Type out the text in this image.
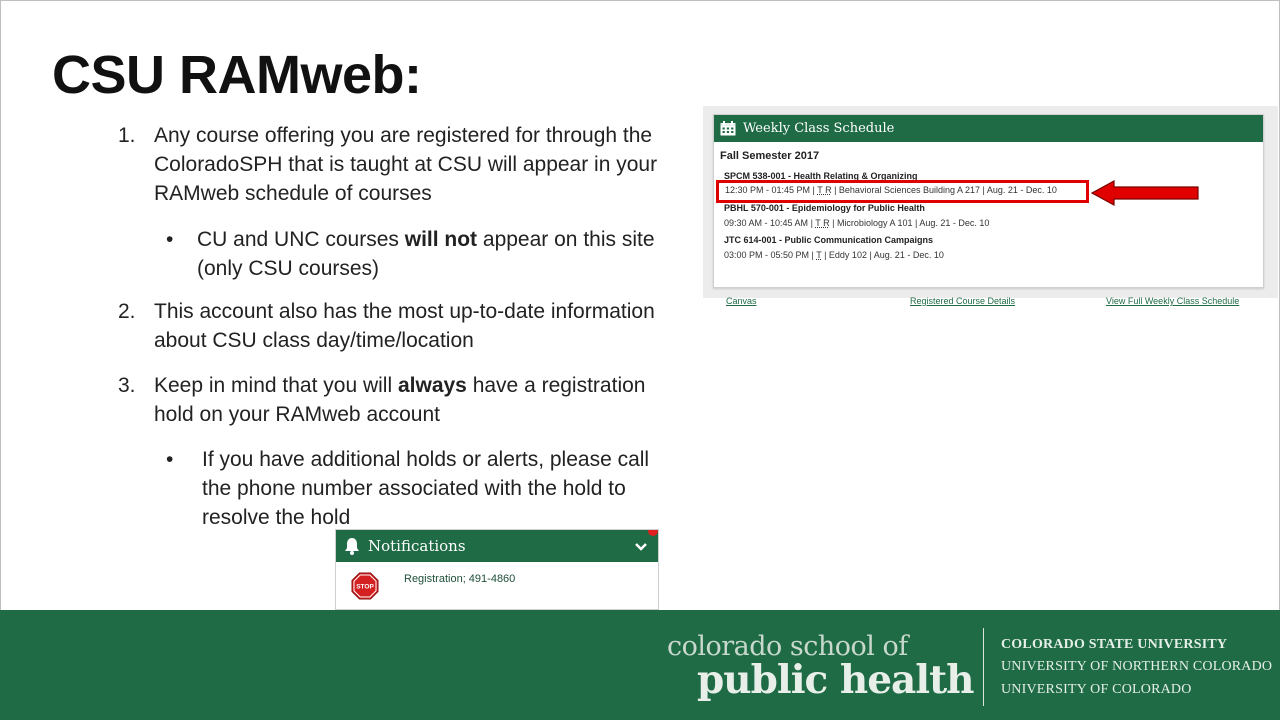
CSU RAMweb:
1. Any course offering you are registered for through the
ColoradoSPH that is taught at CSU will appear in your
RAMweb schedule of courses
• CU and UNC courses will not appear on this site
(only CSU courses)
2. This account also has the most up-to-date information
about CSU class day/time/location
3. Keep in mind that you will always have a registration
hold on your RAMweb account
• If you have additional holds or alerts, please call
the phone number associated with the hold to
resolve the hold
Weekly Class Schedule
Fall Semester 2017
SPCM 538-001 - Health Relating & Organizing
12:30 PM - 01:45 PM | T R | Behavioral Sciences Building A 217 | Aug. 21 - Dec. 10
PBHL 570-001 - Epidemiology for Public Health
09:30 AM - 10:45 AM | T R | Microbiology A 101 | Aug. 21 - Dec. 10
JTC 614-001 - Public Communication Campaigns
03:00 PM - 05:50 PM | T | Eddy 102 | Aug. 21 - Dec. 10
Canvas	Registered Course Details	View Full Weekly Class Schedule
Notifications
STOP
Registration; 491-4860
colorado school of
public health
COLORADO STATE UNIVERSITY
UNIVERSITY OF NORTHERN COLORADO
UNIVERSITY OF COLORADO
